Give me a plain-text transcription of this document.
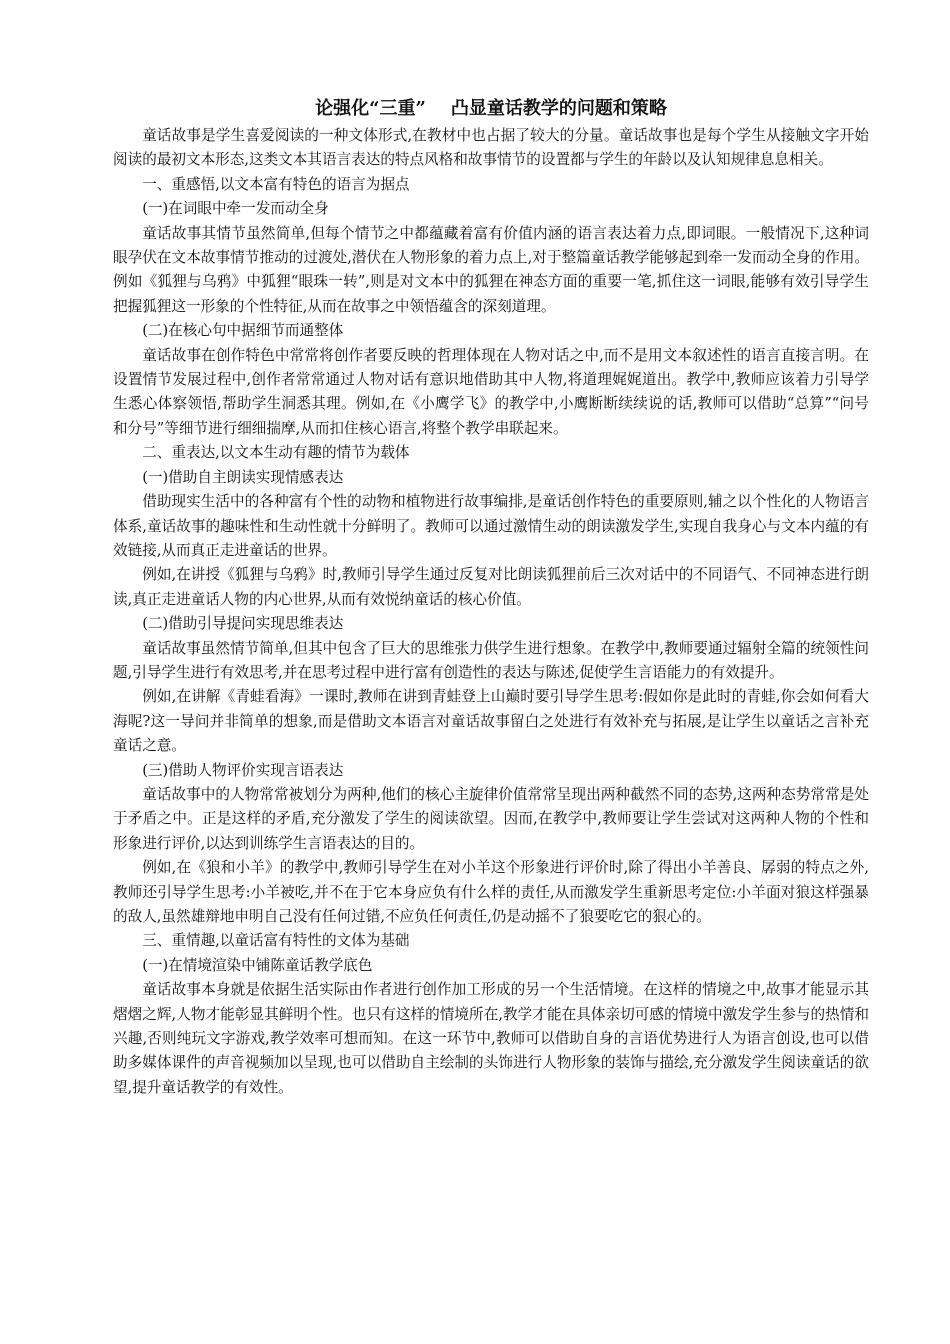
论强化“三重”    凸显童话教学的问题和策略

童话故事是学生喜爱阅读的一种文体形式,在教材中也占据了较大的分量。童话故事也是每个学生从接触文字开始阅读的最初文本形态,这类文本其语言表达的特点风格和故事情节的设置都与学生的年龄以及认知规律息息相关。

一、重感悟,以文本富有特色的语言为据点

(一)在词眼中牵一发而动全身

童话故事其情节虽然简单,但每个情节之中都蕴藏着富有价值内涵的语言表达着力点,即词眼。一般情况下,这种词眼孕伏在文本故事情节推动的过渡处,潜伏在人物形象的着力点上,对于整篇童话教学能够起到牵一发而动全身的作用。例如《狐狸与乌鸦》中狐狸“眼珠一转”,则是对文本中的狐狸在神态方面的重要一笔,抓住这一词眼,能够有效引导学生把握狐狸这一形象的个性特征,从而在故事之中领悟蕴含的深刻道理。

(二)在核心句中据细节而通整体

童话故事在创作特色中常常将创作者要反映的哲理体现在人物对话之中,而不是用文本叙述性的语言直接言明。在设置情节发展过程中,创作者常常通过人物对话有意识地借助其中人物,将道理娓娓道出。教学中,教师应该着力引导学生悉心体察领悟,帮助学生洞悉其理。例如,在《小鹰学飞》的教学中,小鹰断断续续说的话,教师可以借助“总算”“问号和分号”等细节进行细细揣摩,从而扣住核心语言,将整个教学串联起来。

二、重表达,以文本生动有趣的情节为载体

(一)借助自主朗读实现情感表达

借助现实生活中的各种富有个性的动物和植物进行故事编排,是童话创作特色的重要原则,辅之以个性化的人物语言体系,童话故事的趣味性和生动性就十分鲜明了。教师可以通过激情生动的朗读激发学生,实现自我身心与文本内蕴的有效链接,从而真正走进童话的世界。

例如,在讲授《狐狸与乌鸦》时,教师引导学生通过反复对比朗读狐狸前后三次对话中的不同语气、不同神态进行朗读,真正走进童话人物的内心世界,从而有效悦纳童话的核心价值。

(二)借助引导提问实现思维表达

童话故事虽然情节简单,但其中包含了巨大的思维张力供学生进行想象。在教学中,教师要通过辐射全篇的统领性问题,引导学生进行有效思考,并在思考过程中进行富有创造性的表达与陈述,促使学生言语能力的有效提升。

例如,在讲解《青蛙看海》一课时,教师在讲到青蛙登上山巅时要引导学生思考:假如你是此时的青蛙,你会如何看大海呢?这一导问并非简单的想象,而是借助文本语言对童话故事留白之处进行有效补充与拓展,是让学生以童话之言补充童话之意。

(三)借助人物评价实现言语表达

童话故事中的人物常常被划分为两种,他们的核心主旋律价值常常呈现出两种截然不同的态势,这两种态势常常是处于矛盾之中。正是这样的矛盾,充分激发了学生的阅读欲望。因而,在教学中,教师要让学生尝试对这两种人物的个性和形象进行评价,以达到训练学生言语表达的目的。

例如,在《狼和小羊》的教学中,教师引导学生在对小羊这个形象进行评价时,除了得出小羊善良、孱弱的特点之外,教师还引导学生思考:小羊被吃,并不在于它本身应负有什么样的责任,从而激发学生重新思考定位:小羊面对狼这样强暴的敌人,虽然雄辩地申明自己没有任何过错,不应负任何责任,仍是动摇不了狼要吃它的狠心的。

三、重情趣,以童话富有特性的文体为基础

(一)在情境渲染中铺陈童话教学底色

童话故事本身就是依据生活实际由作者进行创作加工形成的另一个生活情境。在这样的情境之中,故事才能显示其熠熠之辉,人物才能彰显其鲜明个性。也只有这样的情境所在,教学才能在具体亲切可感的情境中激发学生参与的热情和兴趣,否则纯玩文字游戏,教学效率可想而知。在这一环节中,教师可以借助自身的言语优势进行人为语言创设,也可以借助多媒体课件的声音视频加以呈现,也可以借助自主绘制的头饰进行人物形象的装饰与描绘,充分激发学生阅读童话的欲望,提升童话教学的有效性。
